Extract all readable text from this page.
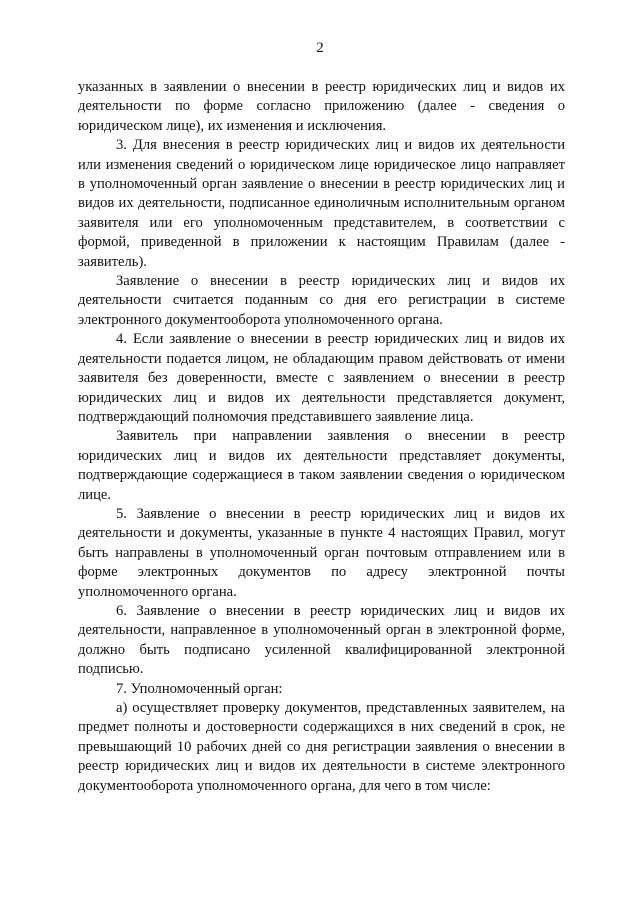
2

указанных в заявлении о внесении в реестр юридических лиц и видов их деятельности по форме согласно приложению (далее - сведения о юридическом лице), их изменения и исключения.

3. Для внесения в реестр юридических лиц и видов их деятельности или изменения сведений о юридическом лице юридическое лицо направляет в уполномоченный орган заявление о внесении в реестр юридических лиц и видов их деятельности, подписанное единоличным исполнительным органом заявителя или его уполномоченным представителем, в соответствии с формой, приведенной в приложении к настоящим Правилам (далее - заявитель).

Заявление о внесении в реестр юридических лиц и видов их деятельности считается поданным со дня его регистрации в системе электронного документооборота уполномоченного органа.

4. Если заявление о внесении в реестр юридических лиц и видов их деятельности подается лицом, не обладающим правом действовать от имени заявителя без доверенности, вместе с заявлением о внесении в реестр юридических лиц и видов их деятельности представляется документ, подтверждающий полномочия представившего заявление лица.

Заявитель при направлении заявления о внесении в реестр юридических лиц и видов их деятельности представляет документы, подтверждающие содержащиеся в таком заявлении сведения о юридическом лице.

5. Заявление о внесении в реестр юридических лиц и видов их деятельности и документы, указанные в пункте 4 настоящих Правил, могут быть направлены в уполномоченный орган почтовым отправлением или в форме электронных документов по адресу электронной почты уполномоченного органа.

6. Заявление о внесении в реестр юридических лиц и видов их деятельности, направленное в уполномоченный орган в электронной форме, должно быть подписано усиленной квалифицированной электронной подписью.

7. Уполномоченный орган:

а) осуществляет проверку документов, представленных заявителем, на предмет полноты и достоверности содержащихся в них сведений в срок, не превышающий 10 рабочих дней со дня регистрации заявления о внесении в реестр юридических лиц и видов их деятельности в системе электронного документооборота уполномоченного органа, для чего в том числе:
